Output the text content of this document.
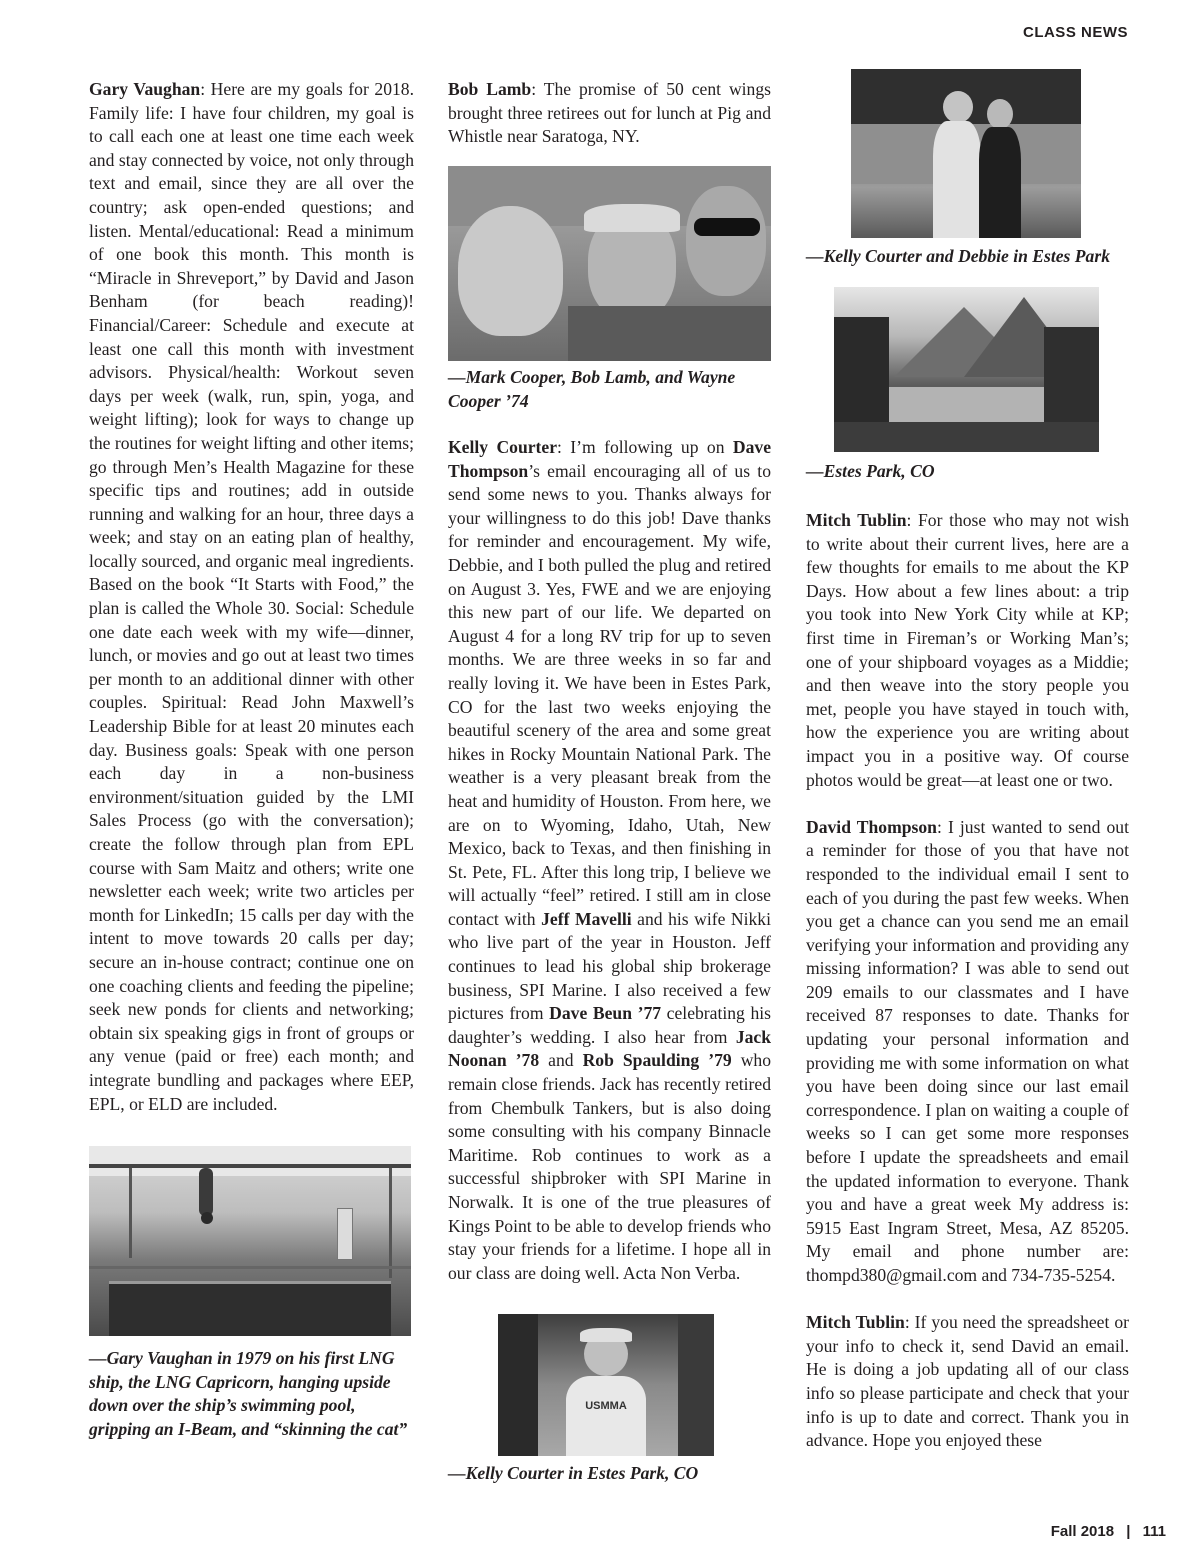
CLASS NEWS

Gary Vaughan: Here are my goals for 2018. Family life: I have four children, my goal is to call each one at least one time each week and stay connected by voice, not only through text and email, since they are all over the country; ask open-ended questions; and listen. Mental/educational: Read a minimum of one book this month. This month is “Miracle in Shreveport,” by David and Jason Benham (for beach reading)! Financial/Career: Schedule and execute at least one call this month with investment advisors. Physical/health: Workout seven days per week (walk, run, spin, yoga, and weight lifting); look for ways to change up the routines for weight lifting and other items; go through Men’s Health Magazine for these specific tips and routines; add in outside running and walking for an hour, three days a week; and stay on an eating plan of healthy, locally sourced, and organic meal ingredients. Based on the book “It Starts with Food,” the plan is called the Whole 30. Social: Schedule one date each week with my wife—dinner, lunch, or movies and go out at least two times per month to an additional dinner with other couples. Spiritual: Read John Maxwell’s Leadership Bible for at least 20 minutes each day. Business goals: Speak with one person each day in a non-business environment/situation guided by the LMI Sales Process (go with the conversation); create the follow through plan from EPL course with Sam Maitz and others; write one newsletter each week; write two articles per month for LinkedIn; 15 calls per day with the intent to move towards 20 calls per day; secure an in-house contract; continue one on one coaching clients and feeding the pipeline; seek new ponds for clients and networking; obtain six speaking gigs in front of groups or any venue (paid or free) each month; and integrate bundling and packages where EEP, EPL, or ELD are included.

—Gary Vaughan in 1979 on his first LNG ship, the LNG Capricorn, hanging upside down over the ship’s swimming pool, gripping an I-Beam, and “skinning the cat”

Bob Lamb: The promise of 50 cent wings brought three retirees out for lunch at Pig and Whistle near Saratoga, NY.

—Mark Cooper, Bob Lamb, and Wayne Cooper ’74

Kelly Courter: I’m following up on Dave Thompson’s email encouraging all of us to send some news to you. Thanks always for your willingness to do this job! Dave thanks for reminder and encouragement. My wife, Debbie, and I both pulled the plug and retired on August 3. Yes, FWE and we are enjoying this new part of our life. We departed on August 4 for a long RV trip for up to seven months. We are three weeks in so far and really loving it. We have been in Estes Park, CO for the last two weeks enjoying the beautiful scenery of the area and some great hikes in Rocky Mountain National Park. The weather is a very pleasant break from the heat and humidity of Houston. From here, we are on to Wyoming, Idaho, Utah, New Mexico, back to Texas, and then finishing in St. Pete, FL. After this long trip, I believe we will actually “feel” retired. I still am in close contact with Jeff Mavelli and his wife Nikki who live part of the year in Houston. Jeff continues to lead his global ship brokerage business, SPI Marine. I also received a few pictures from Dave Beun ’77 celebrating his daughter’s wedding. I also hear from Jack Noonan ’78 and Rob Spaulding ’79 who remain close friends. Jack has recently retired from Chembulk Tankers, but is also doing some consulting with his company Binnacle Maritime. Rob continues to work as a successful shipbroker with SPI Marine in Norwalk. It is one of the true pleasures of Kings Point to be able to develop friends who stay your friends for a lifetime. I hope all in our class are doing well. Acta Non Verba.

USMMA
—Kelly Courter in Estes Park, CO
—Kelly Courter and Debbie in Estes Park
—Estes Park, CO

Mitch Tublin: For those who may not wish to write about their current lives, here are a few thoughts for emails to me about the KP Days. How about a few lines about: a trip you took into New York City while at KP; first time in Fireman’s or Working Man’s; one of your shipboard voyages as a Middie; and then weave into the story people you met, people you have stayed in touch with, how the experience you are writing about impact you in a positive way. Of course photos would be great—at least one or two.

David Thompson: I just wanted to send out a reminder for those of you that have not responded to the individual email I sent to each of you during the past few weeks. When you get a chance can you send me an email verifying your information and providing any missing information? I was able to send out 209 emails to our classmates and I have received 87 responses to date. Thanks for updating your personal information and providing me with some information on what you have been doing since our last email correspondence. I plan on waiting a couple of weeks so I can get some more responses before I update the spreadsheets and email the updated information to everyone. Thank you and have a great week My address is: 5915 East Ingram Street, Mesa, AZ 85205. My email and phone number are: thompd380@gmail.com and 734-735-5254.

Mitch Tublin: If you need the spreadsheet or your info to check it, send David an email. He is doing a job updating all of our class info so please participate and check that your info is up to date and correct. Thank you in advance. Hope you enjoyed these

Fall 2018 | 111
